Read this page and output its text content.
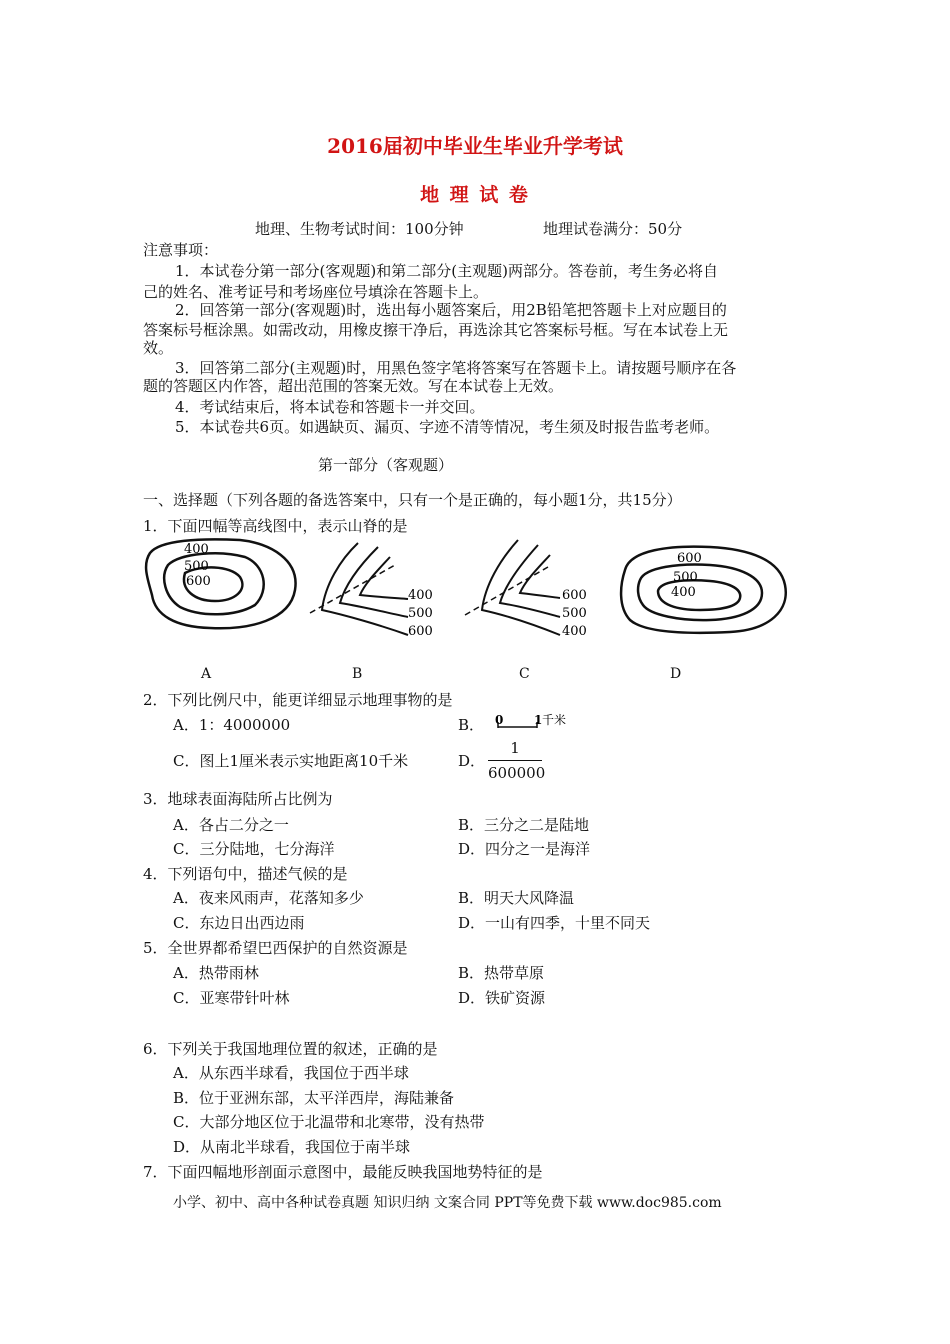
2016届初中毕业生毕业升学考试
地 理 试 卷
地理、生物考试时间：100分钟	地理试卷满分：50分
注意事项：
1．本试卷分第一部分(客观题)和第二部分(主观题)两部分。答卷前，考生务必将自
己的姓名、准考证号和考场座位号填涂在答题卡上。
2．回答第一部分(客观题)时，选出每小题答案后，用2B铅笔把答题卡上对应题目的
答案标号框涂黑。如需改动，用橡皮擦干净后，再选涂其它答案标号框。写在本试卷上无
效。
3．回答第二部分(主观题)时，用黑色签字笔将答案写在答题卡上。请按题号顺序在各
题的答题区内作答，超出范围的答案无效。写在本试卷上无效。
4．考试结束后，将本试卷和答题卡一并交回。
5．本试卷共6页。如遇缺页、漏页、字迹不清等情况，考生须及时报告监考老师。
第一部分（客观题）
一、选择题（下列各题的备选答案中，只有一个是正确的，每小题1分，共15分）
1．下面四幅等高线图中，表示山脊的是
400
500
600
400
500
600
600
500
400
600
500
400
A	B	C	D
2．下列比例尺中，能更详细显示地理事物的是
A．1：4000000	B． 0	1 千米
C．图上1厘米表示实地距离10千米	D．
1
600000
3．地球表面海陆所占比例为
A．各占二分之一	B．三分之二是陆地
C．三分陆地，七分海洋	D．四分之一是海洋
4．下列语句中，描述气候的是
A．夜来风雨声，花落知多少	B．明天大风降温
C．东边日出西边雨	D．一山有四季，十里不同天
5．全世界都希望巴西保护的自然资源是
A．热带雨林	B．热带草原
C．亚寒带针叶林	D．铁矿资源
6．下列关于我国地理位置的叙述，正确的是
A．从东西半球看，我国位于西半球
B．位于亚洲东部，太平洋西岸，海陆兼备
C．大部分地区位于北温带和北寒带，没有热带
D．从南北半球看，我国位于南半球
7．下面四幅地形剖面示意图中，最能反映我国地势特征的是
小学、初中、高中各种试卷真题 知识归纳 文案合同 PPT等免费下载 www.doc985.com
